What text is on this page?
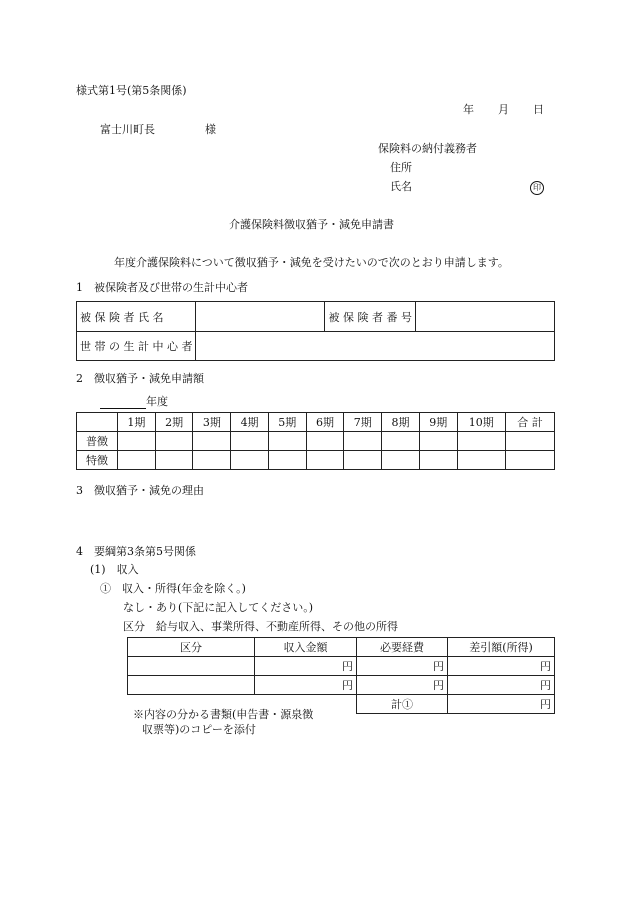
様式第1号(第5条関係)
年 月 日
富士川町長	様
保険料の納付義務者
住所
氏名	印
介護保険料徴収猶予・減免申請書
年度介護保険料について徴収猶予・減免を受けたいので次のとおり申請します。
1　被保険者及び世帯の生計中心者
被 保 険 者 氏 名		被 保 険 者 番 号	
世 帯 の 生 計 中 心 者			
2　徴収猶予・減免申請額
年度
	1期	2期	3期	4期	5期	6期	7期	8期	9期	10期	合 計
普徴											
特徴											
3　徴収猶予・減免の理由
4　要綱第3条第5号関係
(1)　収入
①　収入・所得(年金を除く。)
なし・あり(下記に記入してください。)
区分　給与収入、事業所得、不動産所得、その他の所得
区分	収入金額	必要経費	差引額(所得)
	円	円	円
	円	円	円
		計①	円
※内容の分かる書類(申告書・源泉徴
収票等)のコピーを添付
